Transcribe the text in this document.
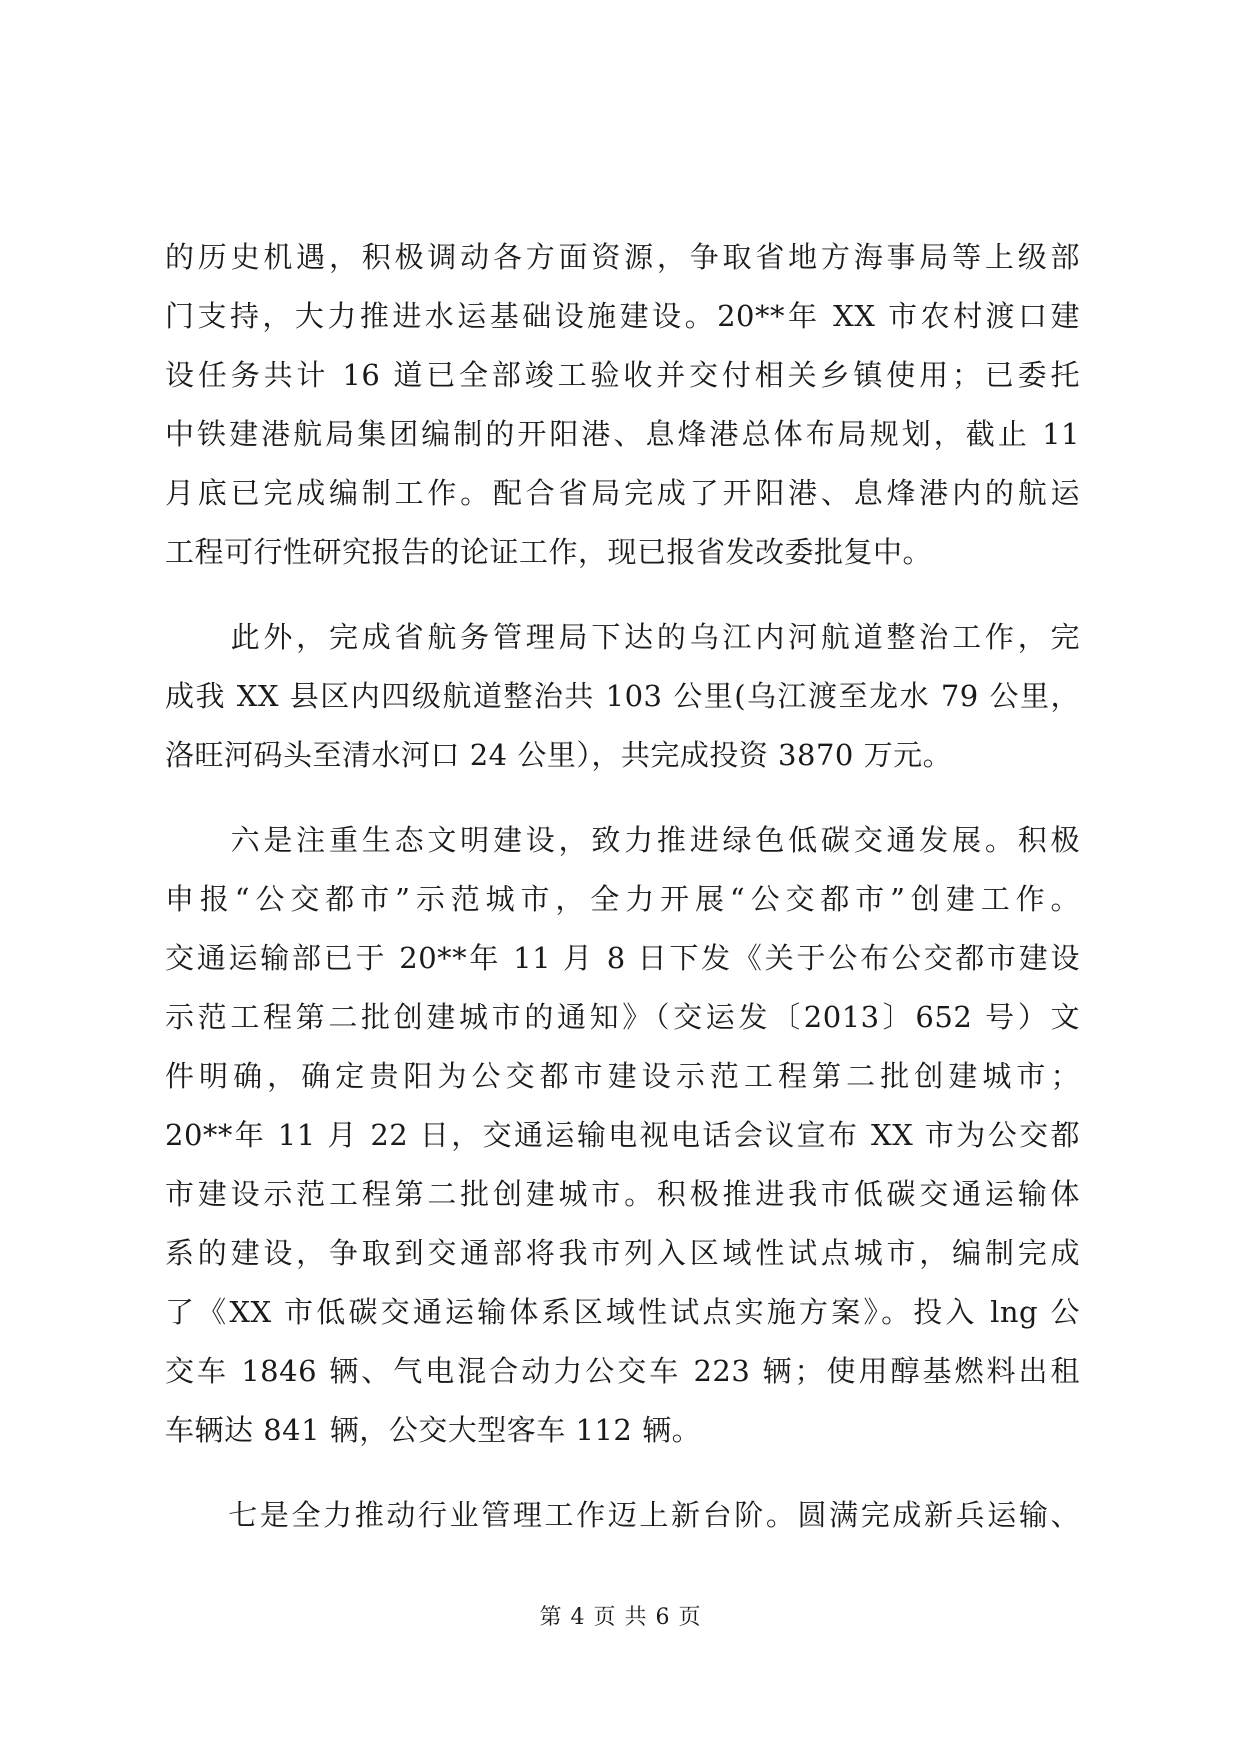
的历史机遇，积极调动各方面资源，争取省地方海事局等上级部
门支持，大力推进水运基础设施建设。20**年 XX 市农村渡口建
设任务共计 16 道已全部竣工验收并交付相关乡镇使用；已委托
中铁建港航局集团编制的开阳港、息烽港总体布局规划，截止 11
月底已完成编制工作。配合省局完成了开阳港、息烽港内的航运
工程可行性研究报告的论证工作，现已报省发改委批复中。
　　此外，完成省航务管理局下达的乌江内河航道整治工作，完
成我 XX 县区内四级航道整治共 103 公里(乌江渡至龙水 79 公里，
洛旺河码头至清水河口 24 公里），共完成投资 3870 万元。
　　六是注重生态文明建设，致力推进绿色低碳交通发展。积极
申报“公交都市”示范城市，全力开展“公交都市”创建工作。
交通运输部已于 20**年 11 月 8 日下发《关于公布公交都市建设
示范工程第二批创建城市的通知》（交运发〔2013〕652 号）文
件明确，确定贵阳为公交都市建设示范工程第二批创建城市；
20**年 11 月 22 日，交通运输电视电话会议宣布 XX 市为公交都
市建设示范工程第二批创建城市。积极推进我市低碳交通运输体
系的建设，争取到交通部将我市列入区域性试点城市，编制完成
了《XX 市低碳交通运输体系区域性试点实施方案》。投入 lng 公
交车 1846 辆、气电混合动力公交车 223 辆；使用醇基燃料出租
车辆达 841 辆，公交大型客车 112 辆。
　　七是全力推动行业管理工作迈上新台阶。圆满完成新兵运输、
第 4 页 共 6 页
